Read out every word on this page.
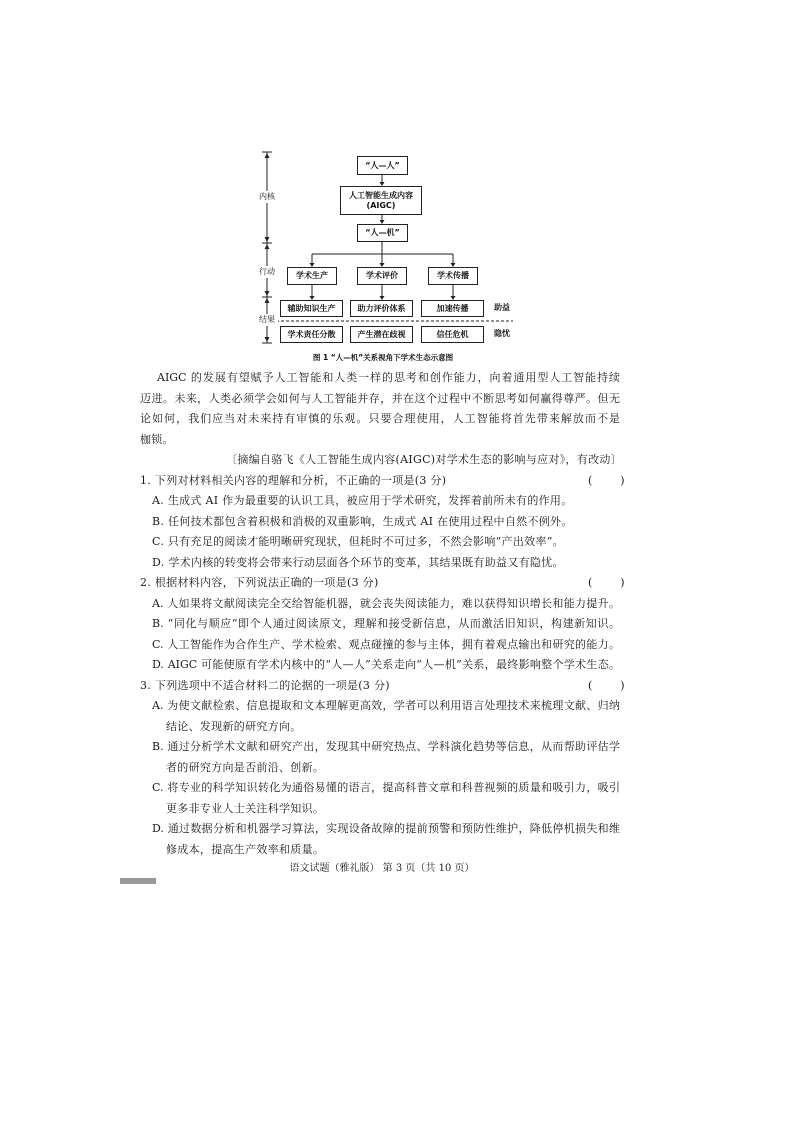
内核
行动
结果
“人—人”
人工智能生成内容
(AIGC)
“人—机”
学术生产	学术评价	学术传播
辅助知识生产	助力评价体系	加速传播	助益
学术责任分散	产生潜在歧视	信任危机	隐忧
图 1 “人—机”关系视角下学术生态示意图
AIGC 的发展有望赋予人工智能和人类一样的思考和创作能力，向着通用型人工智能持续
迈进。未来，人类必须学会如何与人工智能并存，并在这个过程中不断思考如何赢得尊严。但无
论如何，我们应当对未来持有审慎的乐观。只要合理使用，人工智能将首先带来解放而不是
枷锁。
〔摘编自骆飞《人工智能生成内容(AIGC)对学术生态的影响与应对》，有改动〕
1. 下列对材料相关内容的理解和分析，不正确的一项是(3 分)	(        )
A. 生成式 AI 作为最重要的认识工具，被应用于学术研究，发挥着前所未有的作用。
B. 任何技术都包含着积极和消极的双重影响，生成式 AI 在使用过程中自然不例外。
C. 只有充足的阅读才能明晰研究现状，但耗时不可过多，不然会影响“产出效率”。
D. 学术内核的转变将会带来行动层面各个环节的变革，其结果既有助益又有隐忧。
2. 根据材料内容，下列说法正确的一项是(3 分)	(        )
A. 人如果将文献阅读完全交给智能机器，就会丧失阅读能力，难以获得知识增长和能力提升。
B. “同化与顺应”即个人通过阅读原文，理解和接受新信息，从而激活旧知识，构建新知识。
C. 人工智能作为合作生产、学术检索、观点碰撞的参与主体，拥有着观点输出和研究的能力。
D. AIGC 可能使原有学术内核中的“人—人”关系走向“人—机”关系，最终影响整个学术生态。
3. 下列选项中不适合材料二的论据的一项是(3 分)	(        )
A. 为使文献检索、信息提取和文本理解更高效，学者可以利用语言处理技术来梳理文献、归纳
结论、发现新的研究方向。
B. 通过分析学术文献和研究产出，发现其中研究热点、学科演化趋势等信息，从而帮助评估学
者的研究方向是否前沿、创新。
C. 将专业的科学知识转化为通俗易懂的语言，提高科普文章和科普视频的质量和吸引力，吸引
更多非专业人士关注科学知识。
D. 通过数据分析和机器学习算法，实现设备故障的提前预警和预防性维护，降低停机损失和维
修成本，提高生产效率和质量。
语文试题（雅礼版） 第 3 页（共 10 页）
